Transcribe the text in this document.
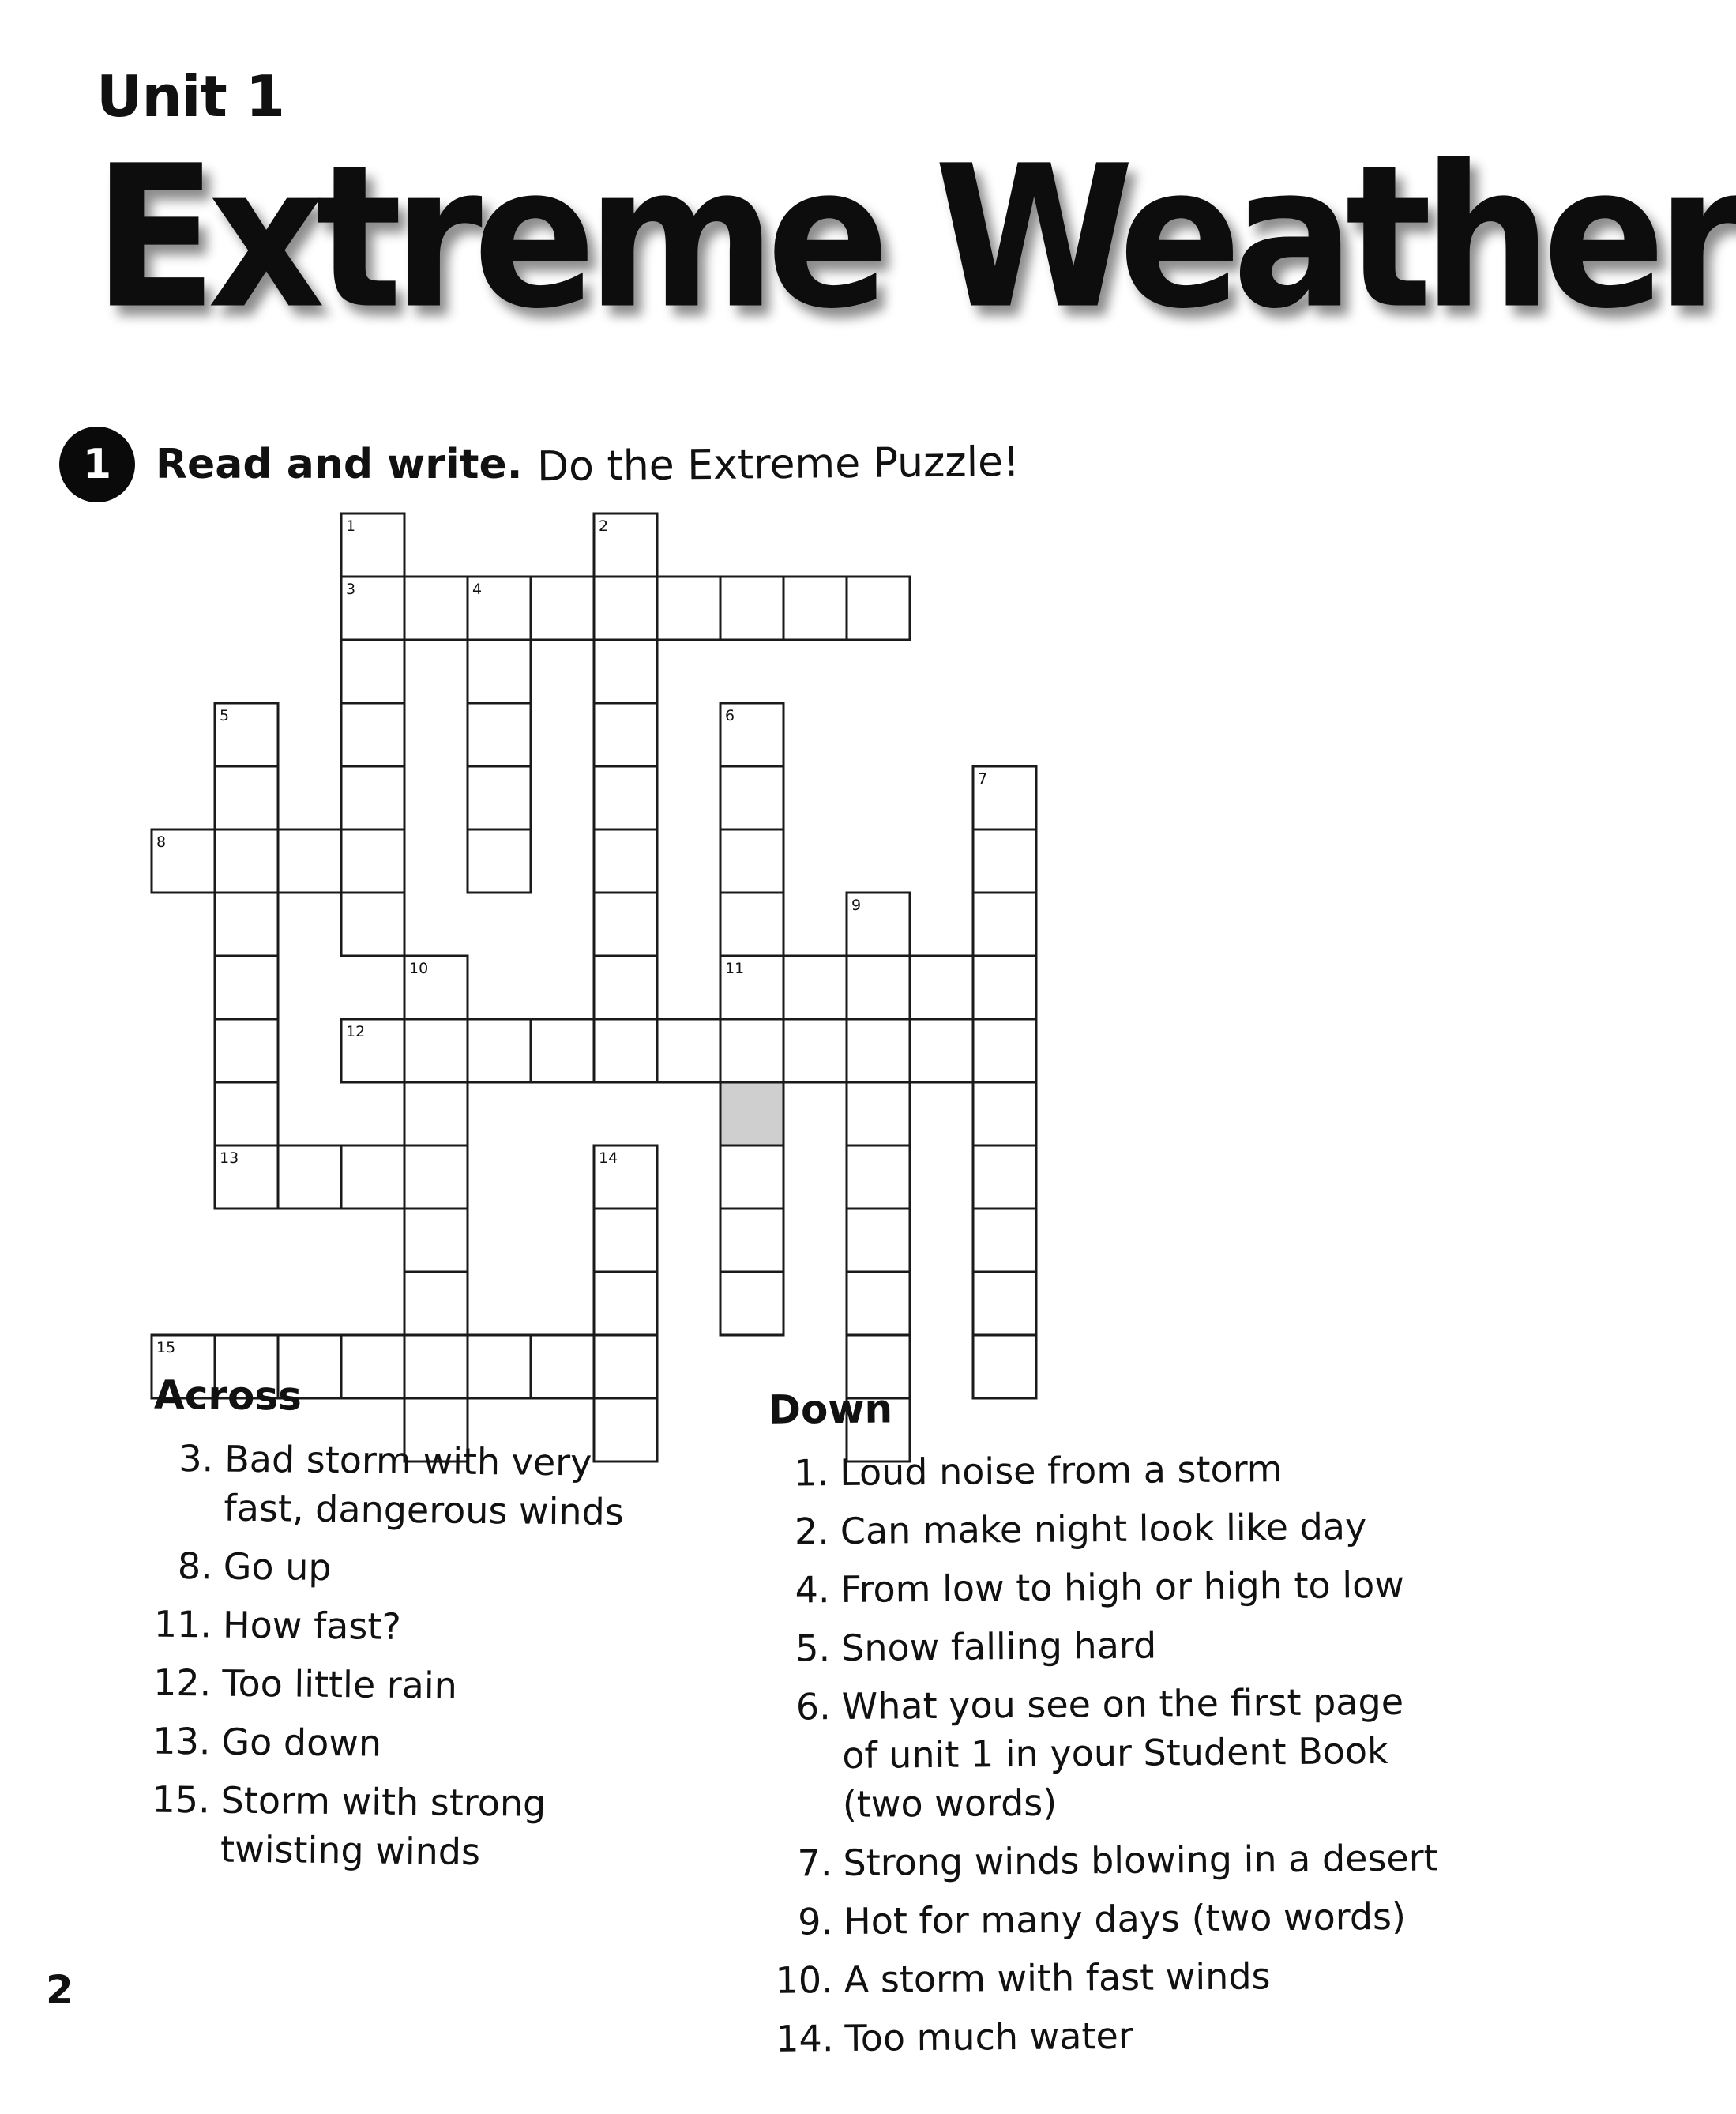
Unit 1
Extreme Weather
1	Read and write. Do the Extreme Puzzle!
1	2
3	4
5	6
7
8
9
10	11
12
13	14
15
Across
3. Bad storm with very fast, dangerous winds
8. Go up
11. How fast?
12. Too little rain
13. Go down
15. Storm with strong twisting winds
Down
1. Loud noise from a storm
2. Can make night look like day
4. From low to high or high to low
5. Snow falling hard
6. What you see on the first page of unit 1 in your Student Book (two words)
7. Strong winds blowing in a desert
9. Hot for many days (two words)
10. A storm with fast winds
14. Too much water
2
